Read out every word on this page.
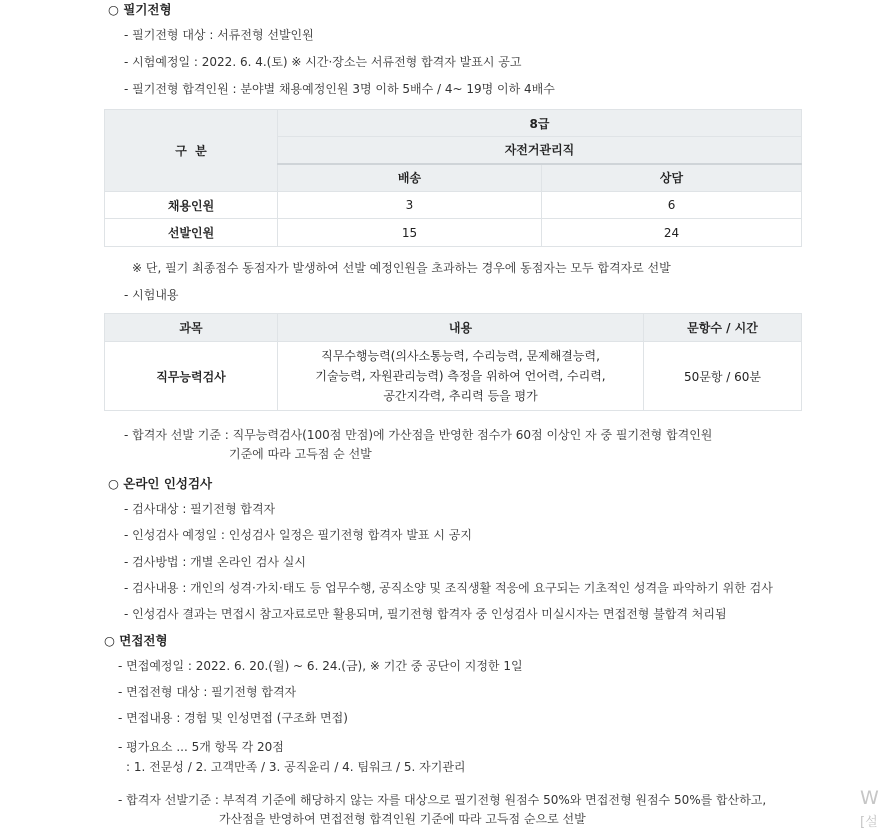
○ 필기전형
- 필기전형 대상 : 서류전형 선발인원
- 시험예정일 : 2022. 6. 4.(토) ※ 시간·장소는 서류전형 합격자 발표시 공고
- 필기전형 합격인원 : 분야별 채용예정인원 3명 이하 5배수 / 4~ 19명 이하 4배수
구  분	8급	
	자전거관리직	
	배송	상담
채용인원	3	6
선발인원	15	24
※ 단, 필기 최종점수 동점자가 발생하여 선발 예정인원을 초과하는 경우에 동점자는 모두 합격자로 선발
- 시험내용
과목	내용	문항수 / 시간
직무능력검사	직무수행능력(의사소통능력, 수리능력, 문제해결능력,
기술능력, 자원관리능력) 측정을 위하여 언어력, 수리력,
공간지각력, 추리력 등을 평가	50문항 / 60분
- 합격자 선발 기준 : 직무능력검사(100점 만점)에 가산점을 반영한 점수가 60점 이상인 자 중 필기전형 합격인원
기준에 따라 고득점 순 선발
○ 온라인 인성검사
- 검사대상 : 필기전형 합격자
- 인성검사 예정일 : 인성검사 일정은 필기전형 합격자 발표 시 공지
- 검사방법 : 개별 온라인 검사 실시
- 검사내용 : 개인의 성격·가치·태도 등 업무수행, 공직소양 및 조직생활 적응에 요구되는 기초적인 성격을 파악하기 위한 검사
- 인성검사 결과는 면접시 참고자료로만 활용되며, 필기전형 합격자 중 인성검사 미실시자는 면접전형 불합격 처리됨
○ 면접전형
- 면접예정일 : 2022. 6. 20.(월) ~ 6. 24.(금), ※ 기간 중 공단이 지정한 1일
- 면접전형 대상 : 필기전형 합격자
- 면접내용 : 경험 및 인성면접 (구조화 면접)
- 평가요소 ... 5개 항목 각 20점
: 1. 전문성 / 2. 고객만족 / 3. 공직윤리 / 4. 팀워크 / 5. 자기관리
- 합격자 선발기준 : 부적격 기준에 해당하지 않는 자를 대상으로 필기전형 원점수 50%와 면접전형 원점수 50%를 합산하고,
가산점을 반영하여 면접전형 합격인원 기준에 따라 고득점 순으로 선발
W
[설
